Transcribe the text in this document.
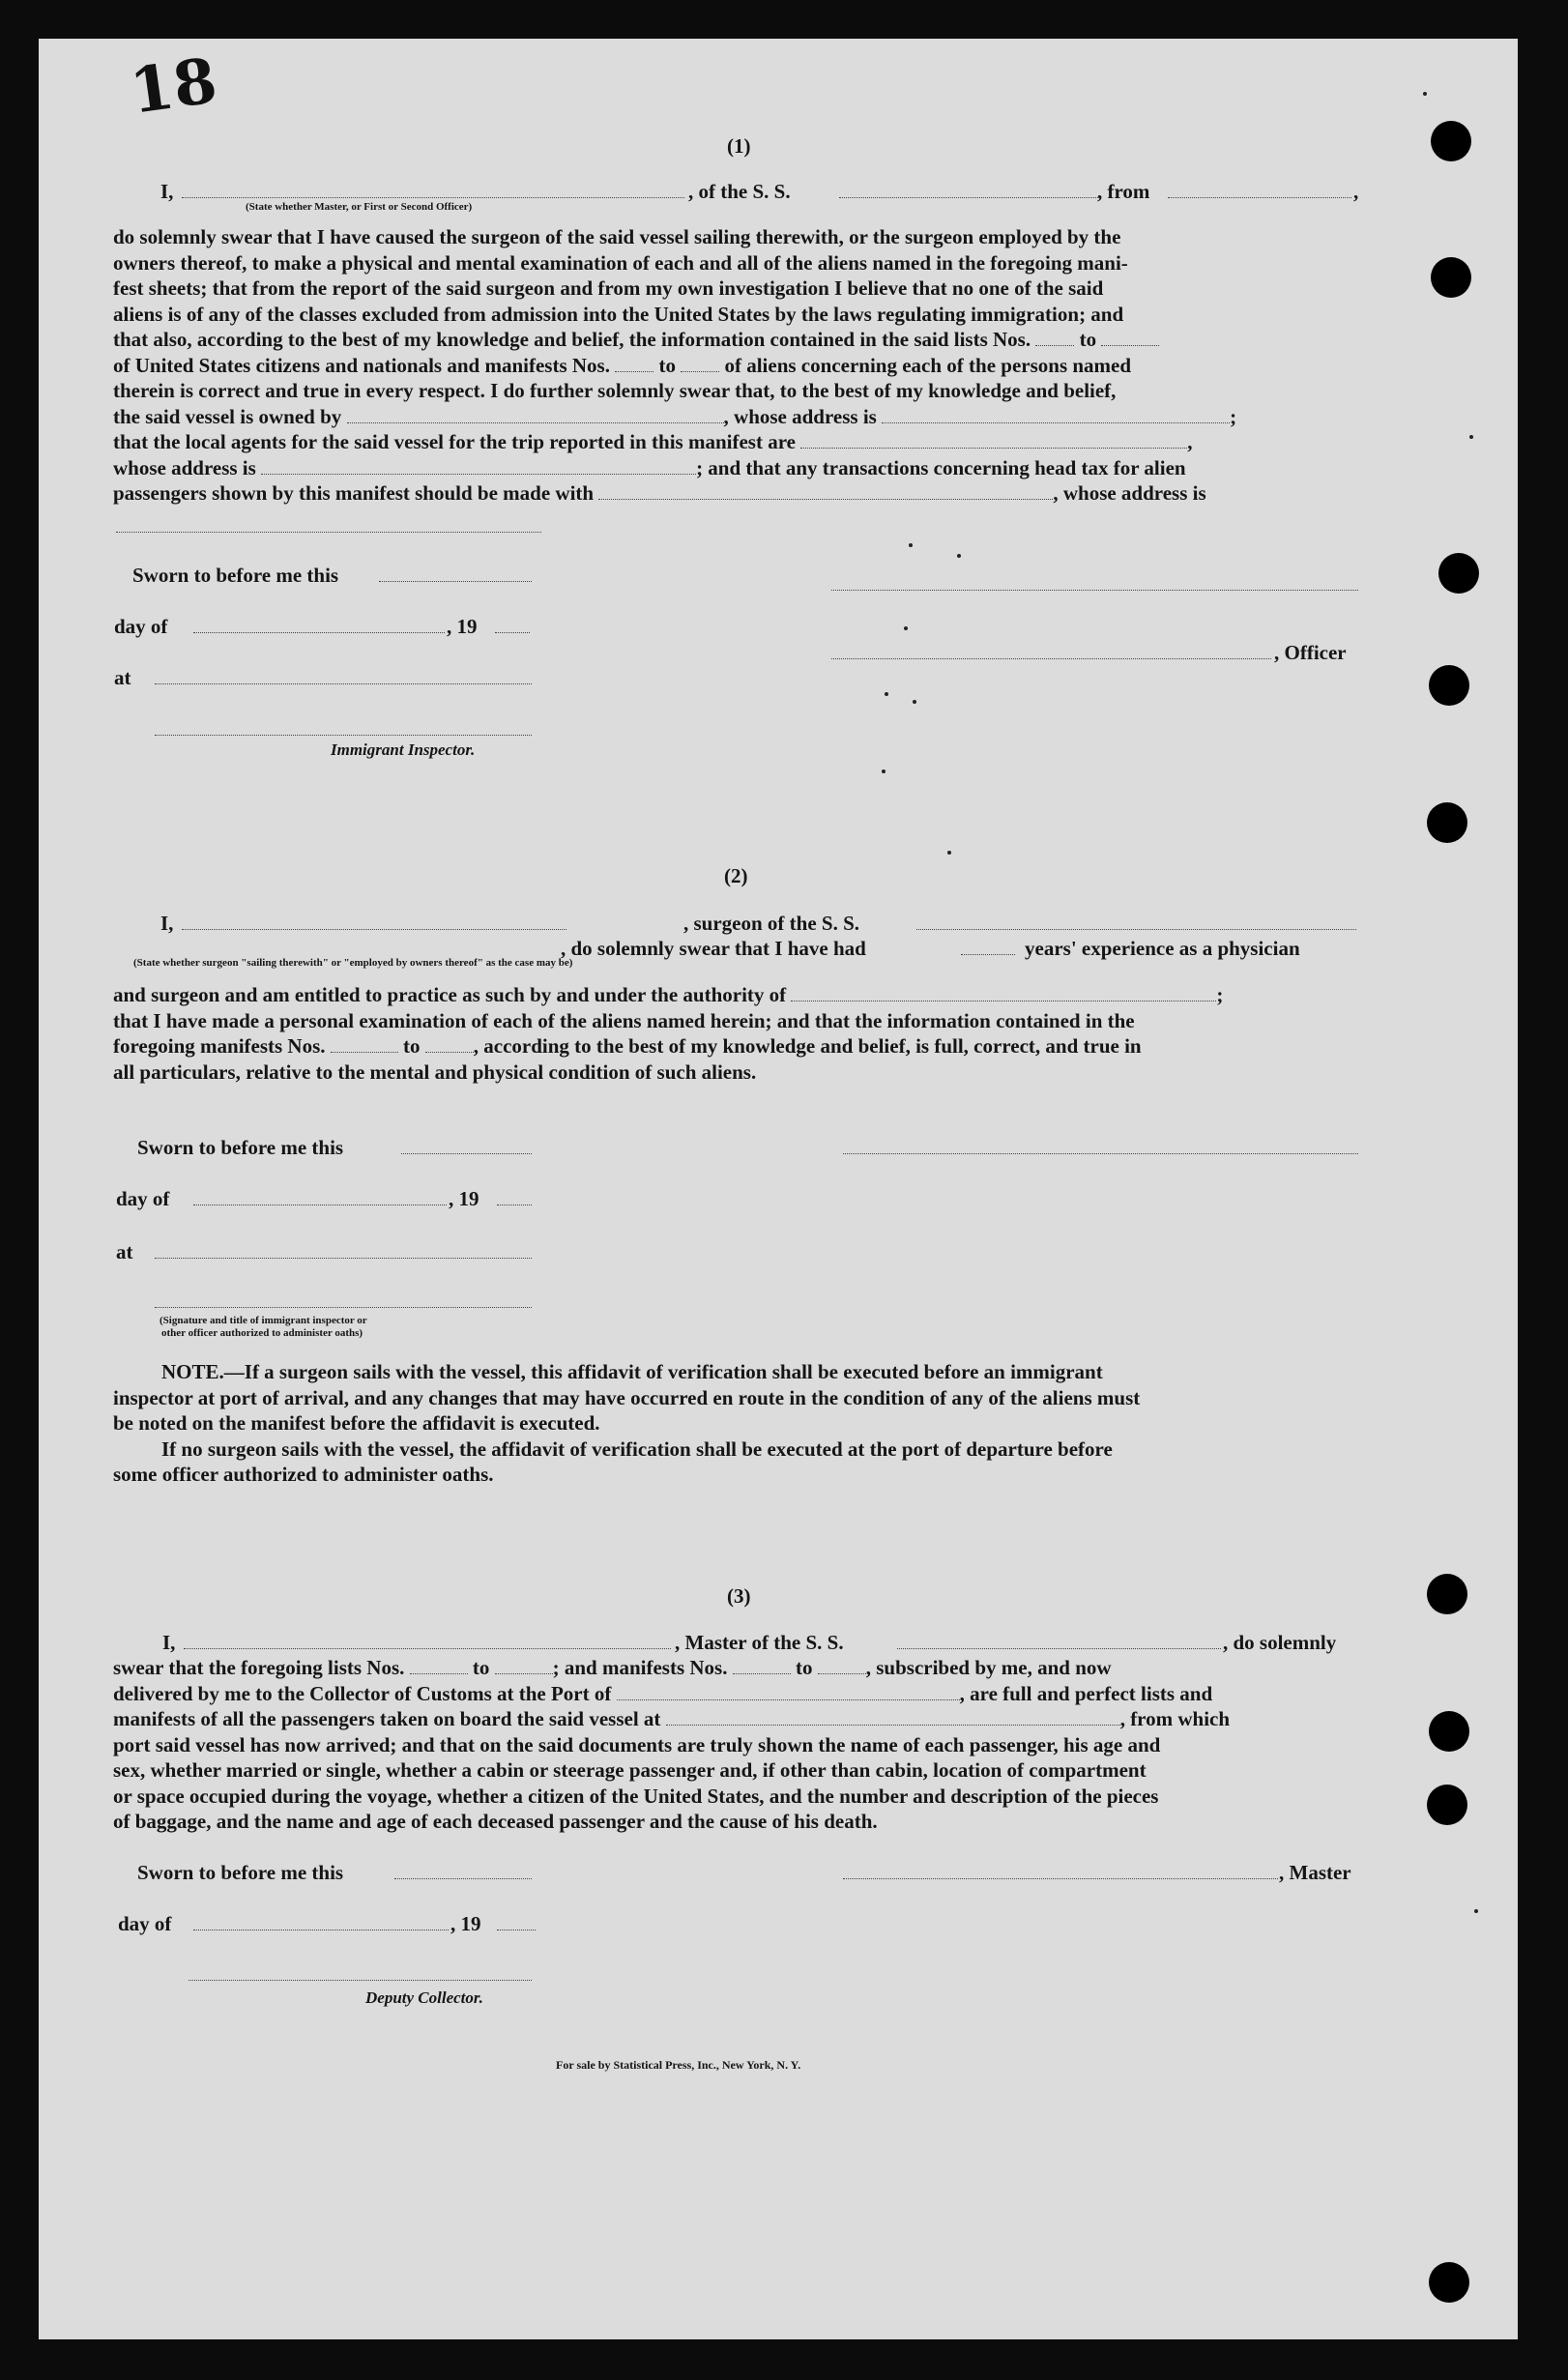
18
(1)
I,
(State whether Master, or First or Second Officer)
, of the S. S.	, from	,
do solemnly swear that I have caused the surgeon of the said vessel sailing therewith, or the surgeon employed by the
owners thereof, to make a physical and mental examination of each and all of the aliens named in the foregoing mani-
fest sheets; that from the report of the said surgeon and from my own investigation I believe that no one of the said
aliens is of any of the classes excluded from admission into the United States by the laws regulating immigration; and
that also, according to the best of my knowledge and belief, the information contained in the said lists Nos. to
of United States citizens and nationals and manifests Nos. to of aliens concerning each of the persons named
therein is correct and true in every respect. I do further solemnly swear that, to the best of my knowledge and belief,
the said vessel is owned by	, whose address is	;
that the local agents for the said vessel for the trip reported in this manifest are	,
whose address is	; and that any transactions concerning head tax for alien
passengers shown by this manifest should be made with	, whose address is
Sworn to before me this
day of	, 19
at
Immigrant Inspector.
, Officer
(2)
I,	, surgeon of the S. S.
, do solemnly swear that I have had
(State whether surgeon "sailing therewith" or "employed by owners thereof" as the case may be)
years' experience as a physician
and surgeon and am entitled to practice as such by and under the authority of	;
that I have made a personal examination of each of the aliens named herein; and that the information contained in the
foregoing manifests Nos.	to	, according to the best of my knowledge and belief, is full, correct, and true in
all particulars, relative to the mental and physical condition of such aliens.
Sworn to before me this
day of	, 19
at
(Signature and title of immigrant inspector or
other officer authorized to administer oaths)
NOTE.—If a surgeon sails with the vessel, this affidavit of verification shall be executed before an immigrant
inspector at port of arrival, and any changes that may have occurred en route in the condition of any of the aliens must
be noted on the manifest before the affidavit is executed.
If no surgeon sails with the vessel, the affidavit of verification shall be executed at the port of departure before
some officer authorized to administer oaths.
(3)
I,	, Master of the S. S.	, do solemnly
swear that the foregoing lists Nos.	to	; and manifests Nos.	to	, subscribed by me, and now
delivered by me to the Collector of Customs at the Port of	, are full and perfect lists and
manifests of all the passengers taken on board the said vessel at	, from which
port said vessel has now arrived; and that on the said documents are truly shown the name of each passenger, his age and
sex, whether married or single, whether a cabin or steerage passenger and, if other than cabin, location of compartment
or space occupied during the voyage, whether a citizen of the United States, and the number and description of the pieces
of baggage, and the name and age of each deceased passenger and the cause of his death.
Sworn to before me this	, Master
day of	, 19
Deputy Collector.
For sale by Statistical Press, Inc., New York, N. Y.
